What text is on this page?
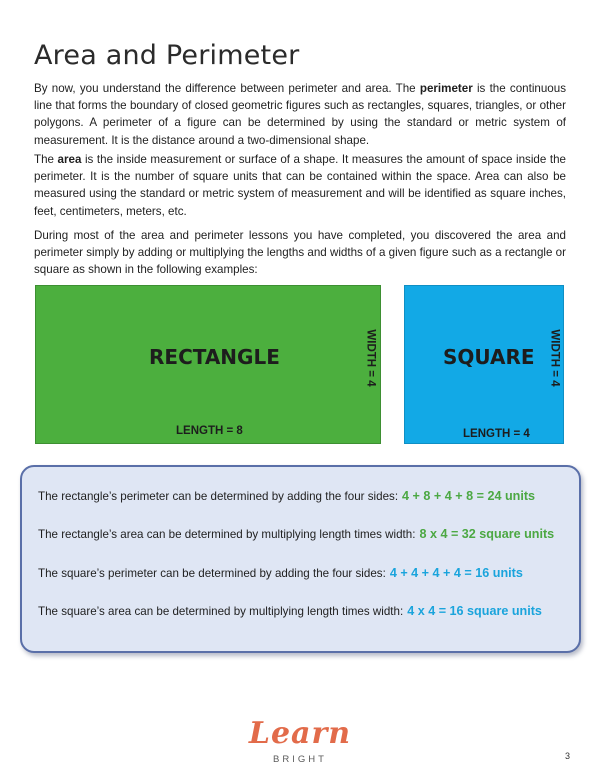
Area and Perimeter

By now, you understand the difference between perimeter and area. The perimeter is the continuous line that forms the boundary of closed geometric figures such as rectangles, squares, triangles, or other polygons. A perimeter of a figure can be determined by using the standard or metric system of measurement. It is the distance around a two-dimensional shape.

The area is the inside measurement or surface of a shape. It measures the amount of space inside the perimeter. It is the number of square units that can be contained within the space. Area can also be measured using the standard or metric system of measurement and will be identified as square inches, feet, centimeters, meters, etc.

During most of the area and perimeter lessons you have completed, you discovered the area and perimeter simply by adding or multiplying the lengths and widths of a given figure such as a rectangle or square as shown in the following examples:

RECTANGLE	WIDTH = 4
LENGTH = 8
SQUARE WIDTH = 4
LENGTH = 4
The rectangle’s perimeter can be determined by adding the four sides: 4 + 8 + 4 + 8 = 24 units
The rectangle’s area can be determined by multiplying length times width: 8 x 4 = 32 square units
The square’s perimeter can be determined by adding the four sides: 4 + 4 + 4 + 4 = 16 units
The square’s area can be determined by multiplying length times width: 4 x 4 = 16 square units
Learn
BRIGHT	3
